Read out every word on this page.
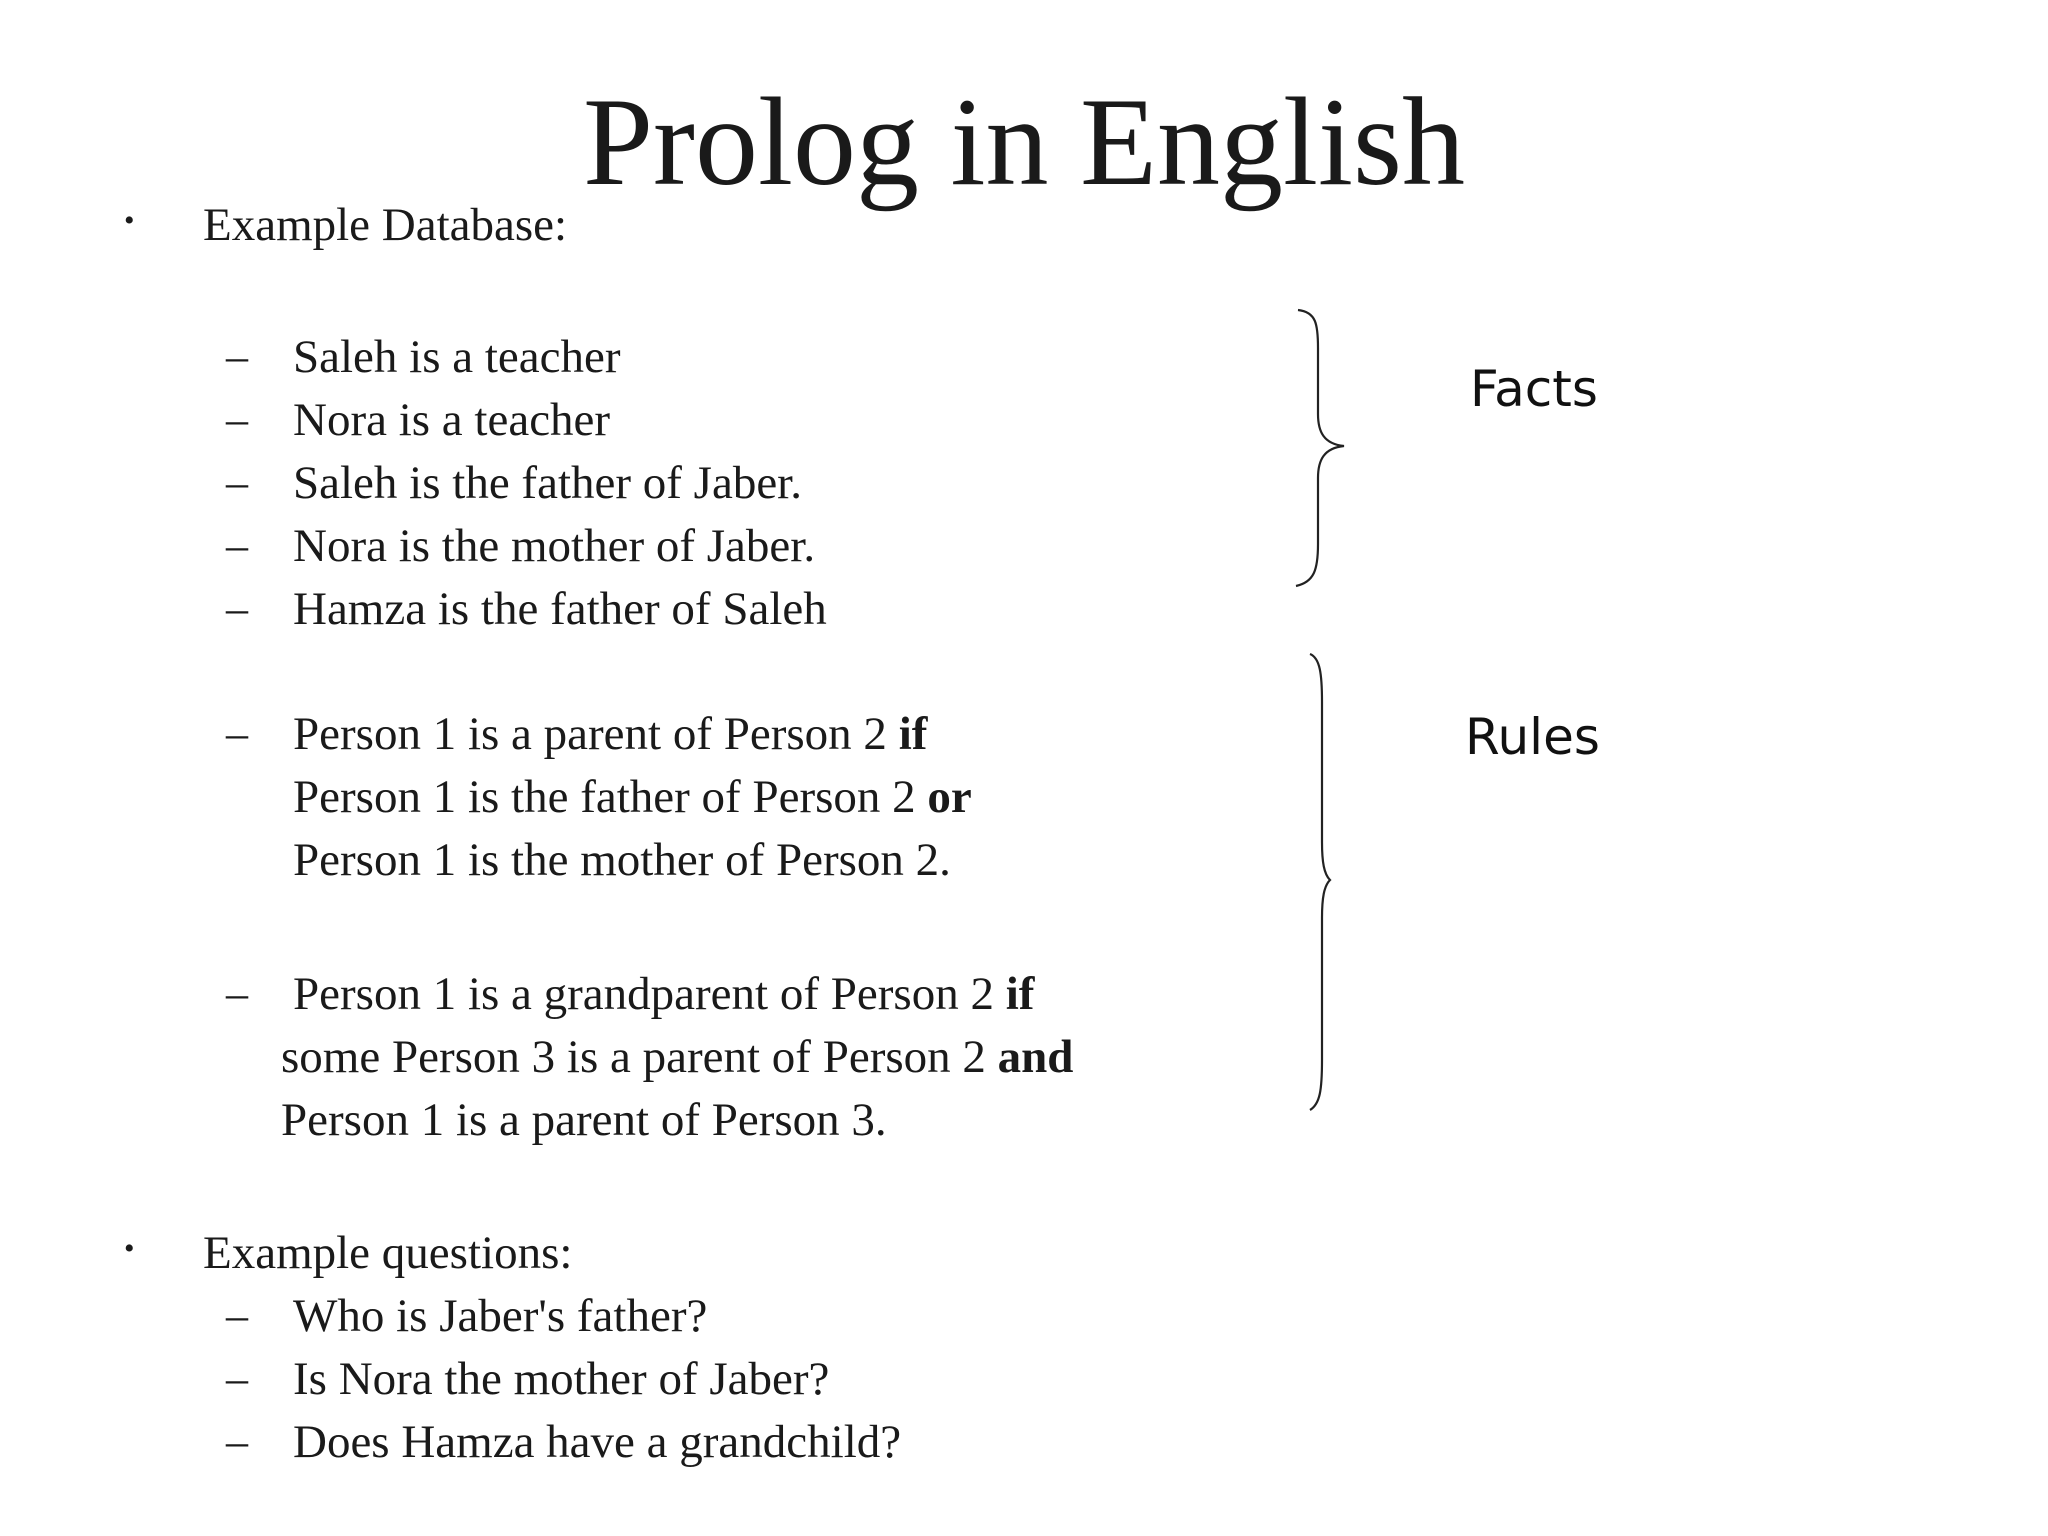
Prolog in English
• Example Database:
– Saleh is a teacher
– Nora is a teacher
– Saleh is the father of Jaber.
– Nora is the mother of Jaber.
– Hamza is the father of Saleh
– Person 1 is a parent of Person 2 if
Person 1 is the father of Person 2 or
Person 1 is the mother of Person 2.
– Person 1 is a grandparent of Person 2 if
some Person 3 is a parent of Person 2 and
Person 1 is a parent of Person 3.
Facts
Rules
• Example questions:
– Who is Jaber's father?
– Is Nora the mother of Jaber?
– Does Hamza have a grandchild?
